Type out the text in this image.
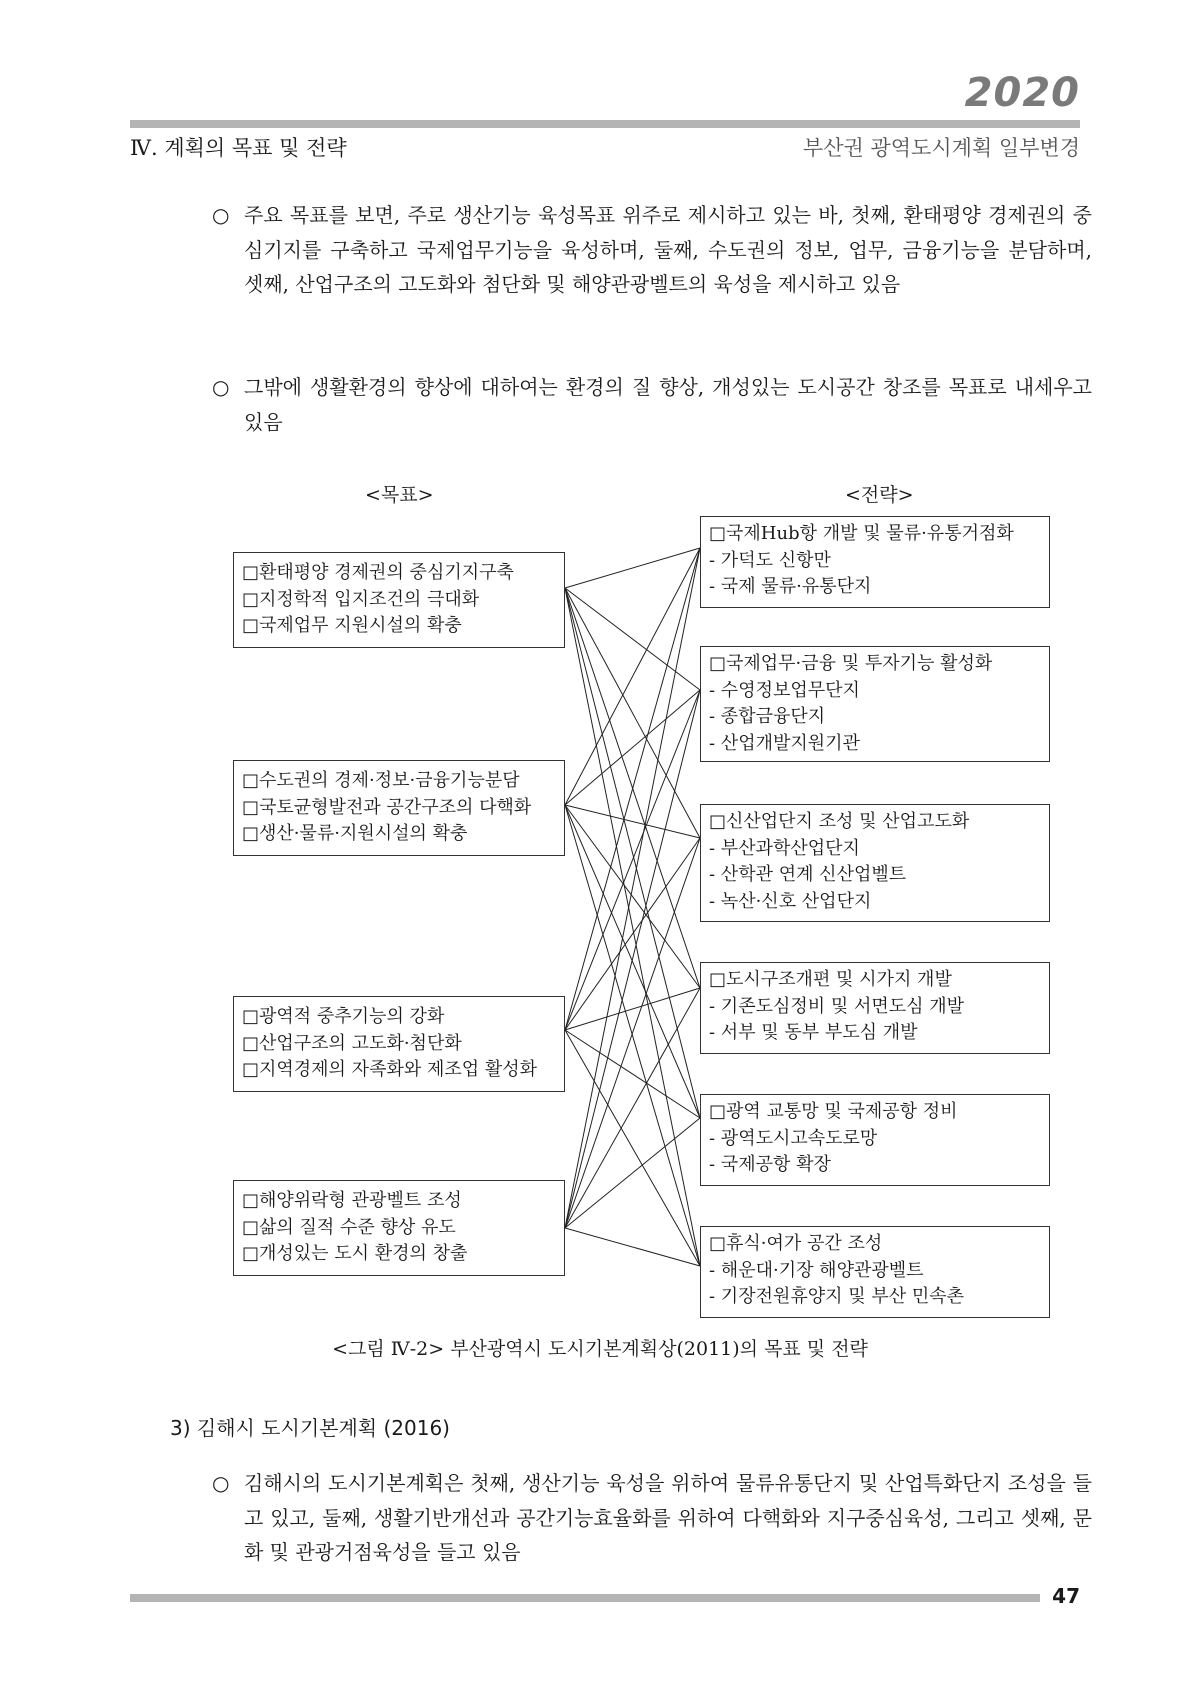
2020
Ⅳ. 계획의 목표 및 전략	부산권 광역도시계획 일부변경
○ 주요 목표를 보면, 주로 생산기능 육성목표 위주로 제시하고 있는 바, 첫째, 환태평양 경제권의 중심기지를 구축하고 국제업무기능을 육성하며, 둘째, 수도권의 정보, 업무, 금융기능을 분담하며, 셋째, 산업구조의 고도화와 첨단화 및 해양관광벨트의 육성을 제시하고 있음
○ 그밖에 생활환경의 향상에 대하여는 환경의 질 향상, 개성있는 도시공간 창조를 목표로 내세우고 있음
<목표>	<전략>
□환태평양 경제권의 중심기지구축
□지정학적 입지조건의 극대화
□국제업무 지원시설의 확충
□수도권의 경제·정보·금융기능분담
□국토균형발전과 공간구조의 다핵화
□생산·물류·지원시설의 확충
□광역적 중추기능의 강화
□산업구조의 고도화·첨단화
□지역경제의 자족화와 제조업 활성화
□해양위락형 관광벨트 조성
□삶의 질적 수준 향상 유도
□개성있는 도시 환경의 창출
□국제Hub항 개발 및 물류·유통거점화
- 가덕도 신항만
- 국제 물류·유통단지
□국제업무·금융 및 투자기능 활성화
- 수영정보업무단지
- 종합금융단지
- 산업개발지원기관
□신산업단지 조성 및 산업고도화
- 부산과학산업단지
- 산학관 연계 신산업벨트
- 녹산·신호 산업단지
□도시구조개편 및 시가지 개발
- 기존도심정비 및 서면도심 개발
- 서부 및 동부 부도심 개발
□광역 교통망 및 국제공항 정비
- 광역도시고속도로망
- 국제공항 확장
□휴식·여가 공간 조성
- 해운대·기장 해양관광벨트
- 기장전원휴양지 및 부산 민속촌
<그림 Ⅳ-2> 부산광역시 도시기본계획상(2011)의 목표 및 전략
3) 김해시 도시기본계획 (2016)
○ 김해시의 도시기본계획은 첫째, 생산기능 육성을 위하여 물류유통단지 및 산업특화단지 조성을 들고 있고, 둘째, 생활기반개선과 공간기능효율화를 위하여 다핵화와 지구중심육성, 그리고 셋째, 문화 및 관광거점육성을 들고 있음
47
